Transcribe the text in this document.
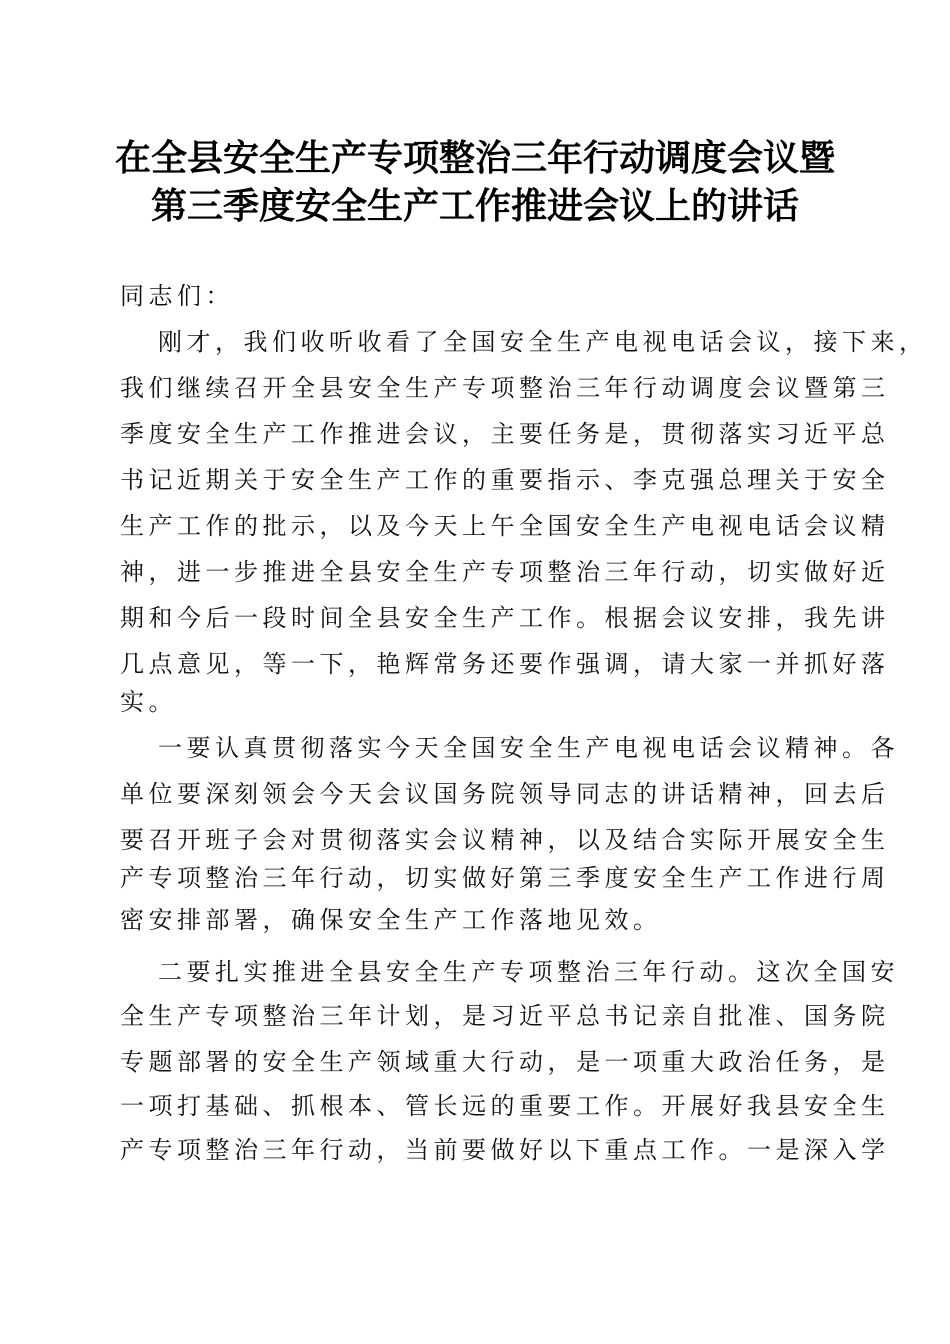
在全县安全生产专项整治三年行动调度会议暨
第三季度安全生产工作推进会议上的讲话
同志们：
刚才，我们收听收看了全国安全生产电视电话会议，接下来，
我们继续召开全县安全生产专项整治三年行动调度会议暨第三
季度安全生产工作推进会议，主要任务是，贯彻落实习近平总
书记近期关于安全生产工作的重要指示、李克强总理关于安全
生产工作的批示，以及今天上午全国安全生产电视电话会议精
神，进一步推进全县安全生产专项整治三年行动，切实做好近
期和今后一段时间全县安全生产工作。根据会议安排，我先讲
几点意见，等一下，艳辉常务还要作强调，请大家一并抓好落
实。
一要认真贯彻落实今天全国安全生产电视电话会议精神。各
单位要深刻领会今天会议国务院领导同志的讲话精神，回去后
要召开班子会对贯彻落实会议精神，以及结合实际开展安全生
产专项整治三年行动，切实做好第三季度安全生产工作进行周
密安排部署，确保安全生产工作落地见效。
二要扎实推进全县安全生产专项整治三年行动。这次全国安
全生产专项整治三年计划，是习近平总书记亲自批准、国务院
专题部署的安全生产领域重大行动，是一项重大政治任务，是
一项打基础、抓根本、管长远的重要工作。开展好我县安全生
产专项整治三年行动，当前要做好以下重点工作。一是深入学
